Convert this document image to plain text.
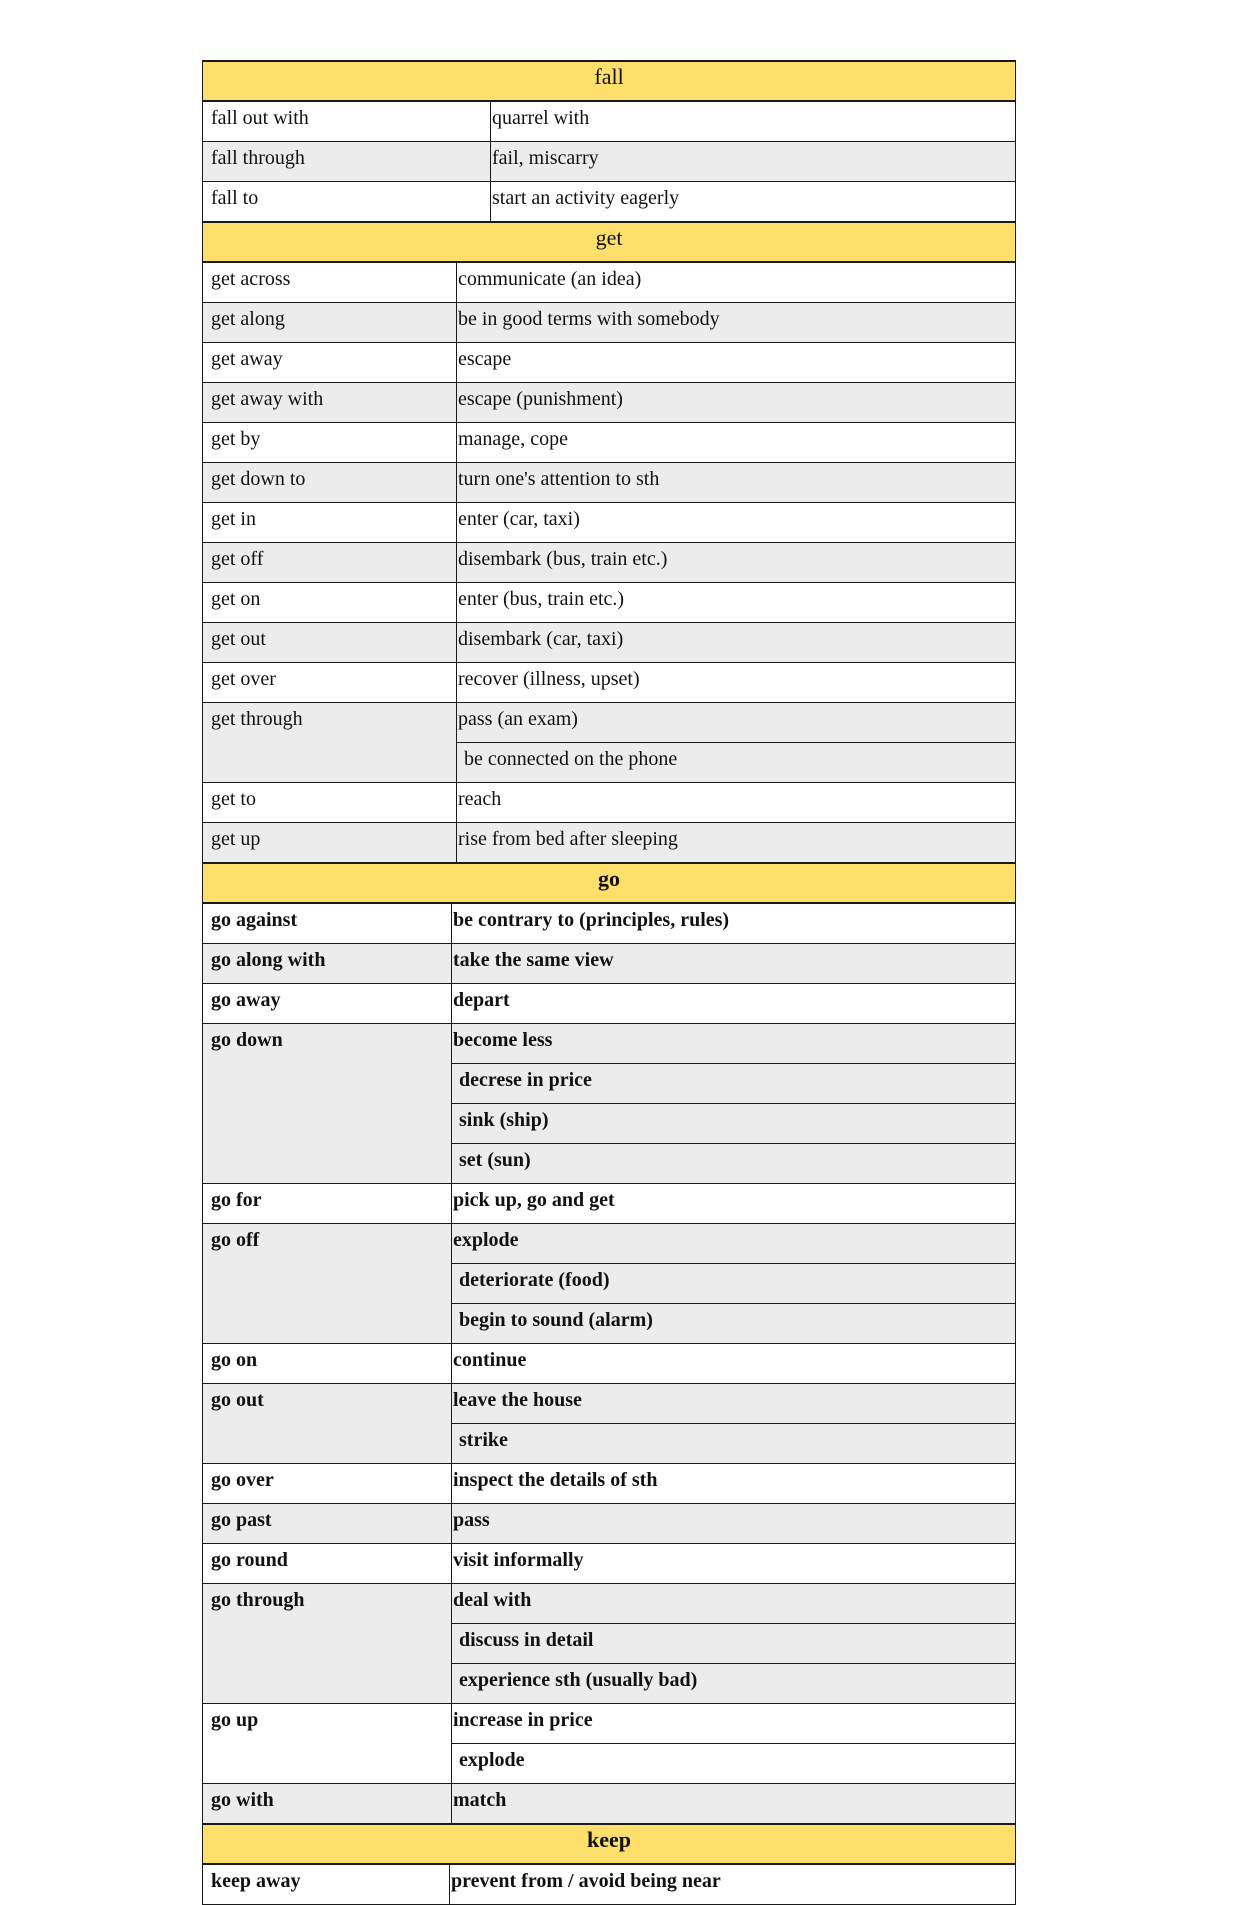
fall				
fall out with				quarrel with
fall through				fail, miscarry
fall to				start an activity eagerly
get				
get across			communicate (an idea)	
get along			be in good terms with somebody	
get away			escape	
get away with			escape (punishment)	
get by			manage, cope	
get down to			turn one's attention to sth	
get in			enter (car, taxi)	
get off			disembark (bus, train etc.)	
get on			enter (bus, train etc.)	
get out			disembark (car, taxi)	
get over			recover (illness, upset)	
get through			pass (an exam)	
			be connected on the phone	
get to			reach	
get up			rise from bed after sleeping	
go				
go against		be contrary to (principles, rules)		
go along with		take the same view		
go away		depart		
go down		become less		
		decrese in price		
		sink (ship)		
		set (sun)		
go for		pick up, go and get		
go off		explode		
		deteriorate (food)		
		begin to sound (alarm)		
go on		continue		
go out		leave the house		
		strike		
go over		inspect the details of sth		
go past		pass		
go round		visit informally		
go through		deal with		
		discuss in detail		
		experience sth (usually bad)		
go up		increase in price		
		explode		
go with		match		
keep				
keep away	prevent from / avoid being near			
